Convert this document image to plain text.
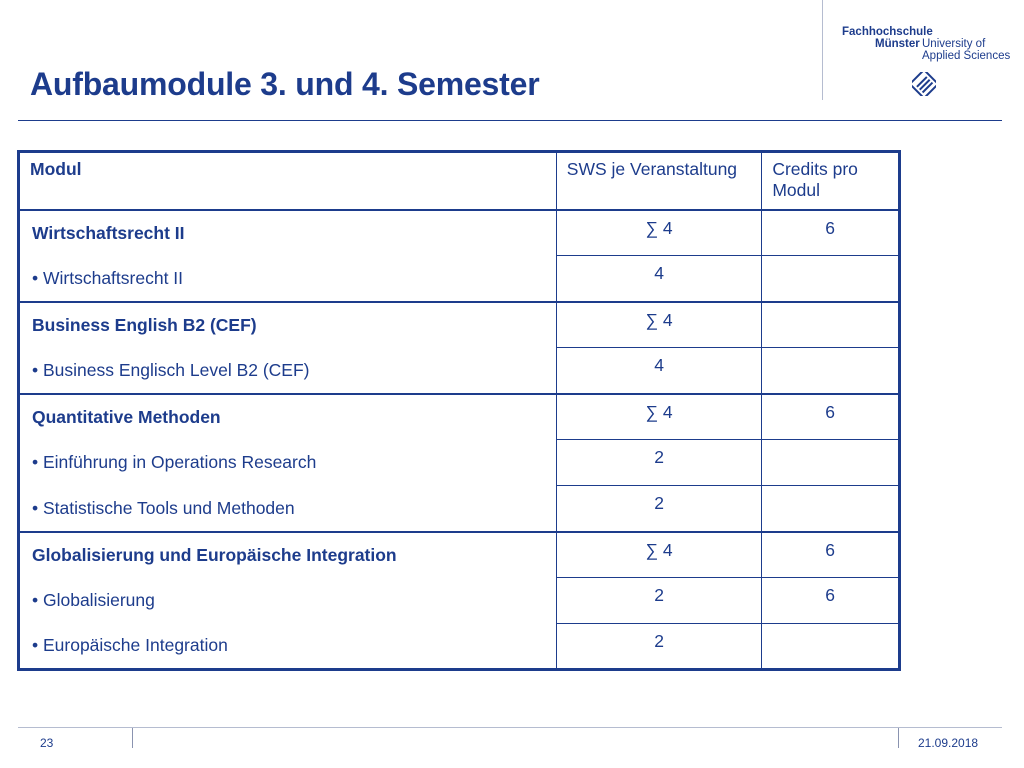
Fachhochschule
Münster University of
Applied Sciences
Aufbaumodule 3. und 4. Semester
Modul	SWS je Veranstaltung	Credits pro Modul
Wirtschaftsrecht II	∑ 4	6
• Wirtschaftsrecht II	4	
Business English B2 (CEF)	∑ 4	
• Business Englisch Level B2 (CEF)	4	
Quantitative Methoden	∑ 4	6
• Einführung in Operations Research	2	
• Statistische Tools und Methoden	2	
Globalisierung und Europäische Integration	∑ 4	6
• Globalisierung	2	6
• Europäische Integration	2	
23	21.09.2018
